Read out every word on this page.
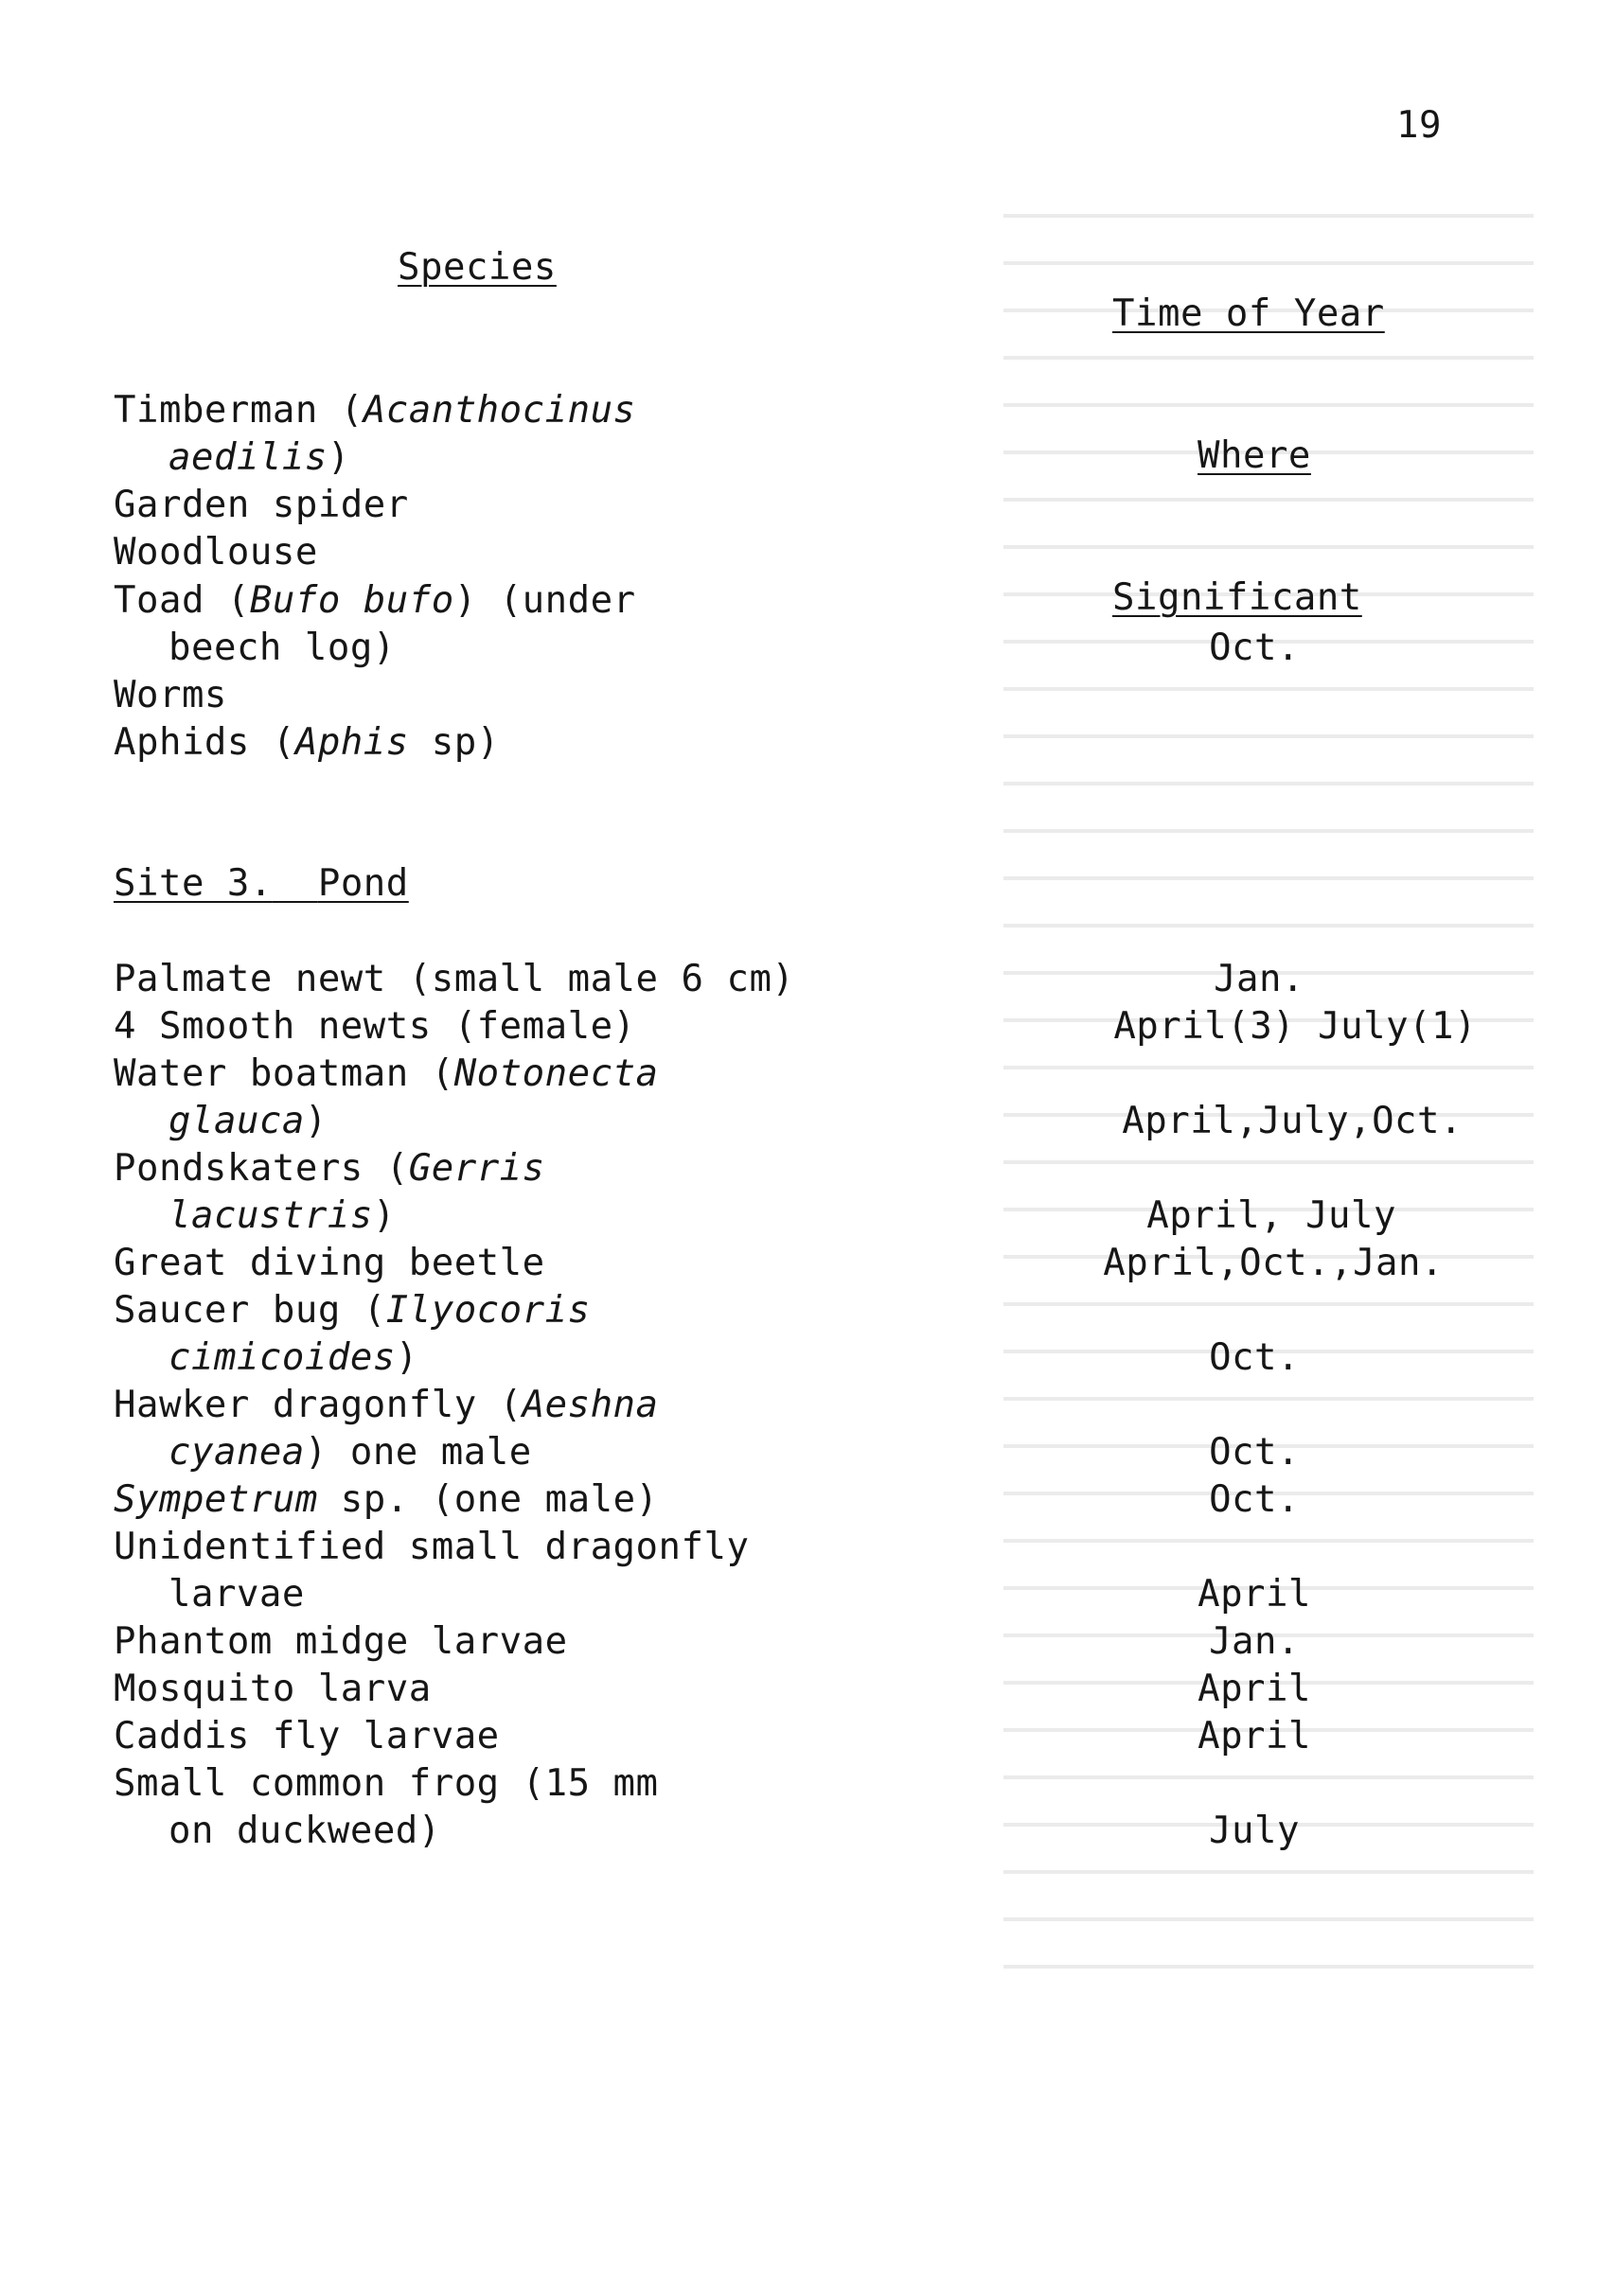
19
Species

Time of Year

Where

Significant

Timberman (Acanthocinus
aedilis)
Garden spider
Woodlouse
Toad (Bufo bufo) (under
beech log)	Oct.
Worms
Aphids (Aphis sp)
Site 3. Pond
Palmate newt (small male 6 cm)	Jan.
4 Smooth newts (female)	April(3) July(1)
Water boatman (Notonecta
glauca)	April,July,Oct.
Pondskaters (Gerris
lacustris)	April, July
Great diving beetle	April,Oct.,Jan.
Saucer bug (Ilyocoris
cimicoides)	Oct.
Hawker dragonfly (Aeshna
cyanea) one male	Oct.
Sympetrum sp. (one male)	Oct.
Unidentified small dragonfly
larvae	April
Phantom midge larvae	Jan.
Mosquito larva	April
Caddis fly larvae	April
Small common frog (15 mm
on duckweed)	July
